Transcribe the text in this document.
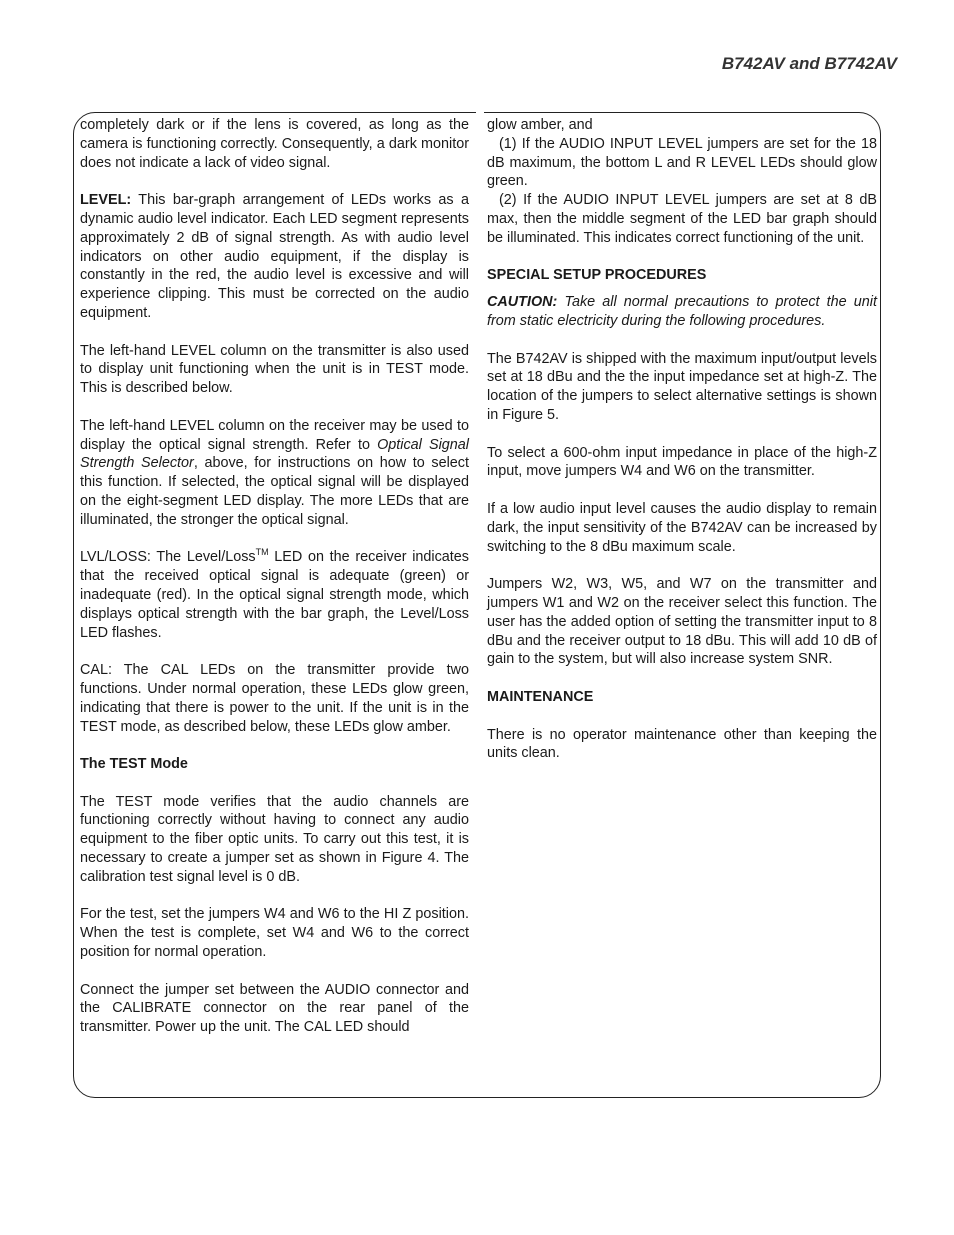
B742AV and B7742AV

completely dark or if the lens is covered, as long as the camera is functioning correctly. Consequently, a dark monitor does not indicate a lack of video signal.

LEVEL: This bar-graph arrangement of LEDs works as a dynamic audio level indicator. Each LED segment represents approximately 2 dB of signal strength. As with audio level indicators on other audio equipment, if the display is constantly in the red, the audio level is excessive and will experience clipping. This must be corrected on the audio equipment.

The left-hand LEVEL column on the transmitter is also used to display unit functioning when the unit is in TEST mode. This is described below.

The left-hand LEVEL column on the receiver may be used to display the optical signal strength. Refer to Optical Signal Strength Selector, above, for instructions on how to select this function. If selected, the optical signal will be displayed on the eight-segment LED display. The more LEDs that are illuminated, the stronger the optical signal.

LVL/LOSS: The Level/Loss™ LED on the receiver indicates that the received optical signal is adequate (green) or inadequate (red). In the optical signal strength mode, which displays optical strength with the bar graph, the Level/Loss LED flashes.

CAL: The CAL LEDs on the transmitter provide two functions. Under normal operation, these LEDs glow green, indicating that there is power to the unit. If the unit is in the TEST mode, as described below, these LEDs glow amber.

The TEST Mode

The TEST mode verifies that the audio channels are functioning correctly without having to connect any audio equipment to the fiber optic units. To carry out this test, it is necessary to create a jumper set as shown in Figure 4. The calibration test signal level is 0 dB.

For the test, set the jumpers W4 and W6 to the HI Z position. When the test is complete, set W4 and W6 to the correct position for normal operation.

Connect the jumper set between the AUDIO connector and the CALIBRATE connector on the rear panel of the transmitter. Power up the unit. The CAL LED should

glow amber, and

(1) If the AUDIO INPUT LEVEL jumpers are set for the 18 dB maximum, the bottom L and R LEVEL LEDs should glow green.

(2) If the AUDIO INPUT LEVEL jumpers are set at 8 dB max, then the middle segment of the LED bar graph should be illuminated. This indicates correct functioning of the unit.

SPECIAL SETUP PROCEDURES

CAUTION: Take all normal precautions to protect the unit from static electricity during the following procedures.

The B742AV is shipped with the maximum input/output levels set at 18 dBu and the the input impedance set at high-Z. The location of the jumpers to select alternative settings is shown in Figure 5.

To select a 600-ohm input impedance in place of the high-Z input, move jumpers W4 and W6 on the transmitter.

If a low audio input level causes the audio display to remain dark, the input sensitivity of the B742AV can be increased by switching to the 8 dBu maximum scale.

Jumpers W2, W3, W5, and W7 on the transmitter and jumpers W1 and W2 on the receiver select this function. The user has the added option of setting the transmitter input to 8 dBu and the receiver output to 18 dBu. This will add 10 dB of gain to the system, but will also increase system SNR.

MAINTENANCE

There is no operator maintenance other than keeping the units clean.
